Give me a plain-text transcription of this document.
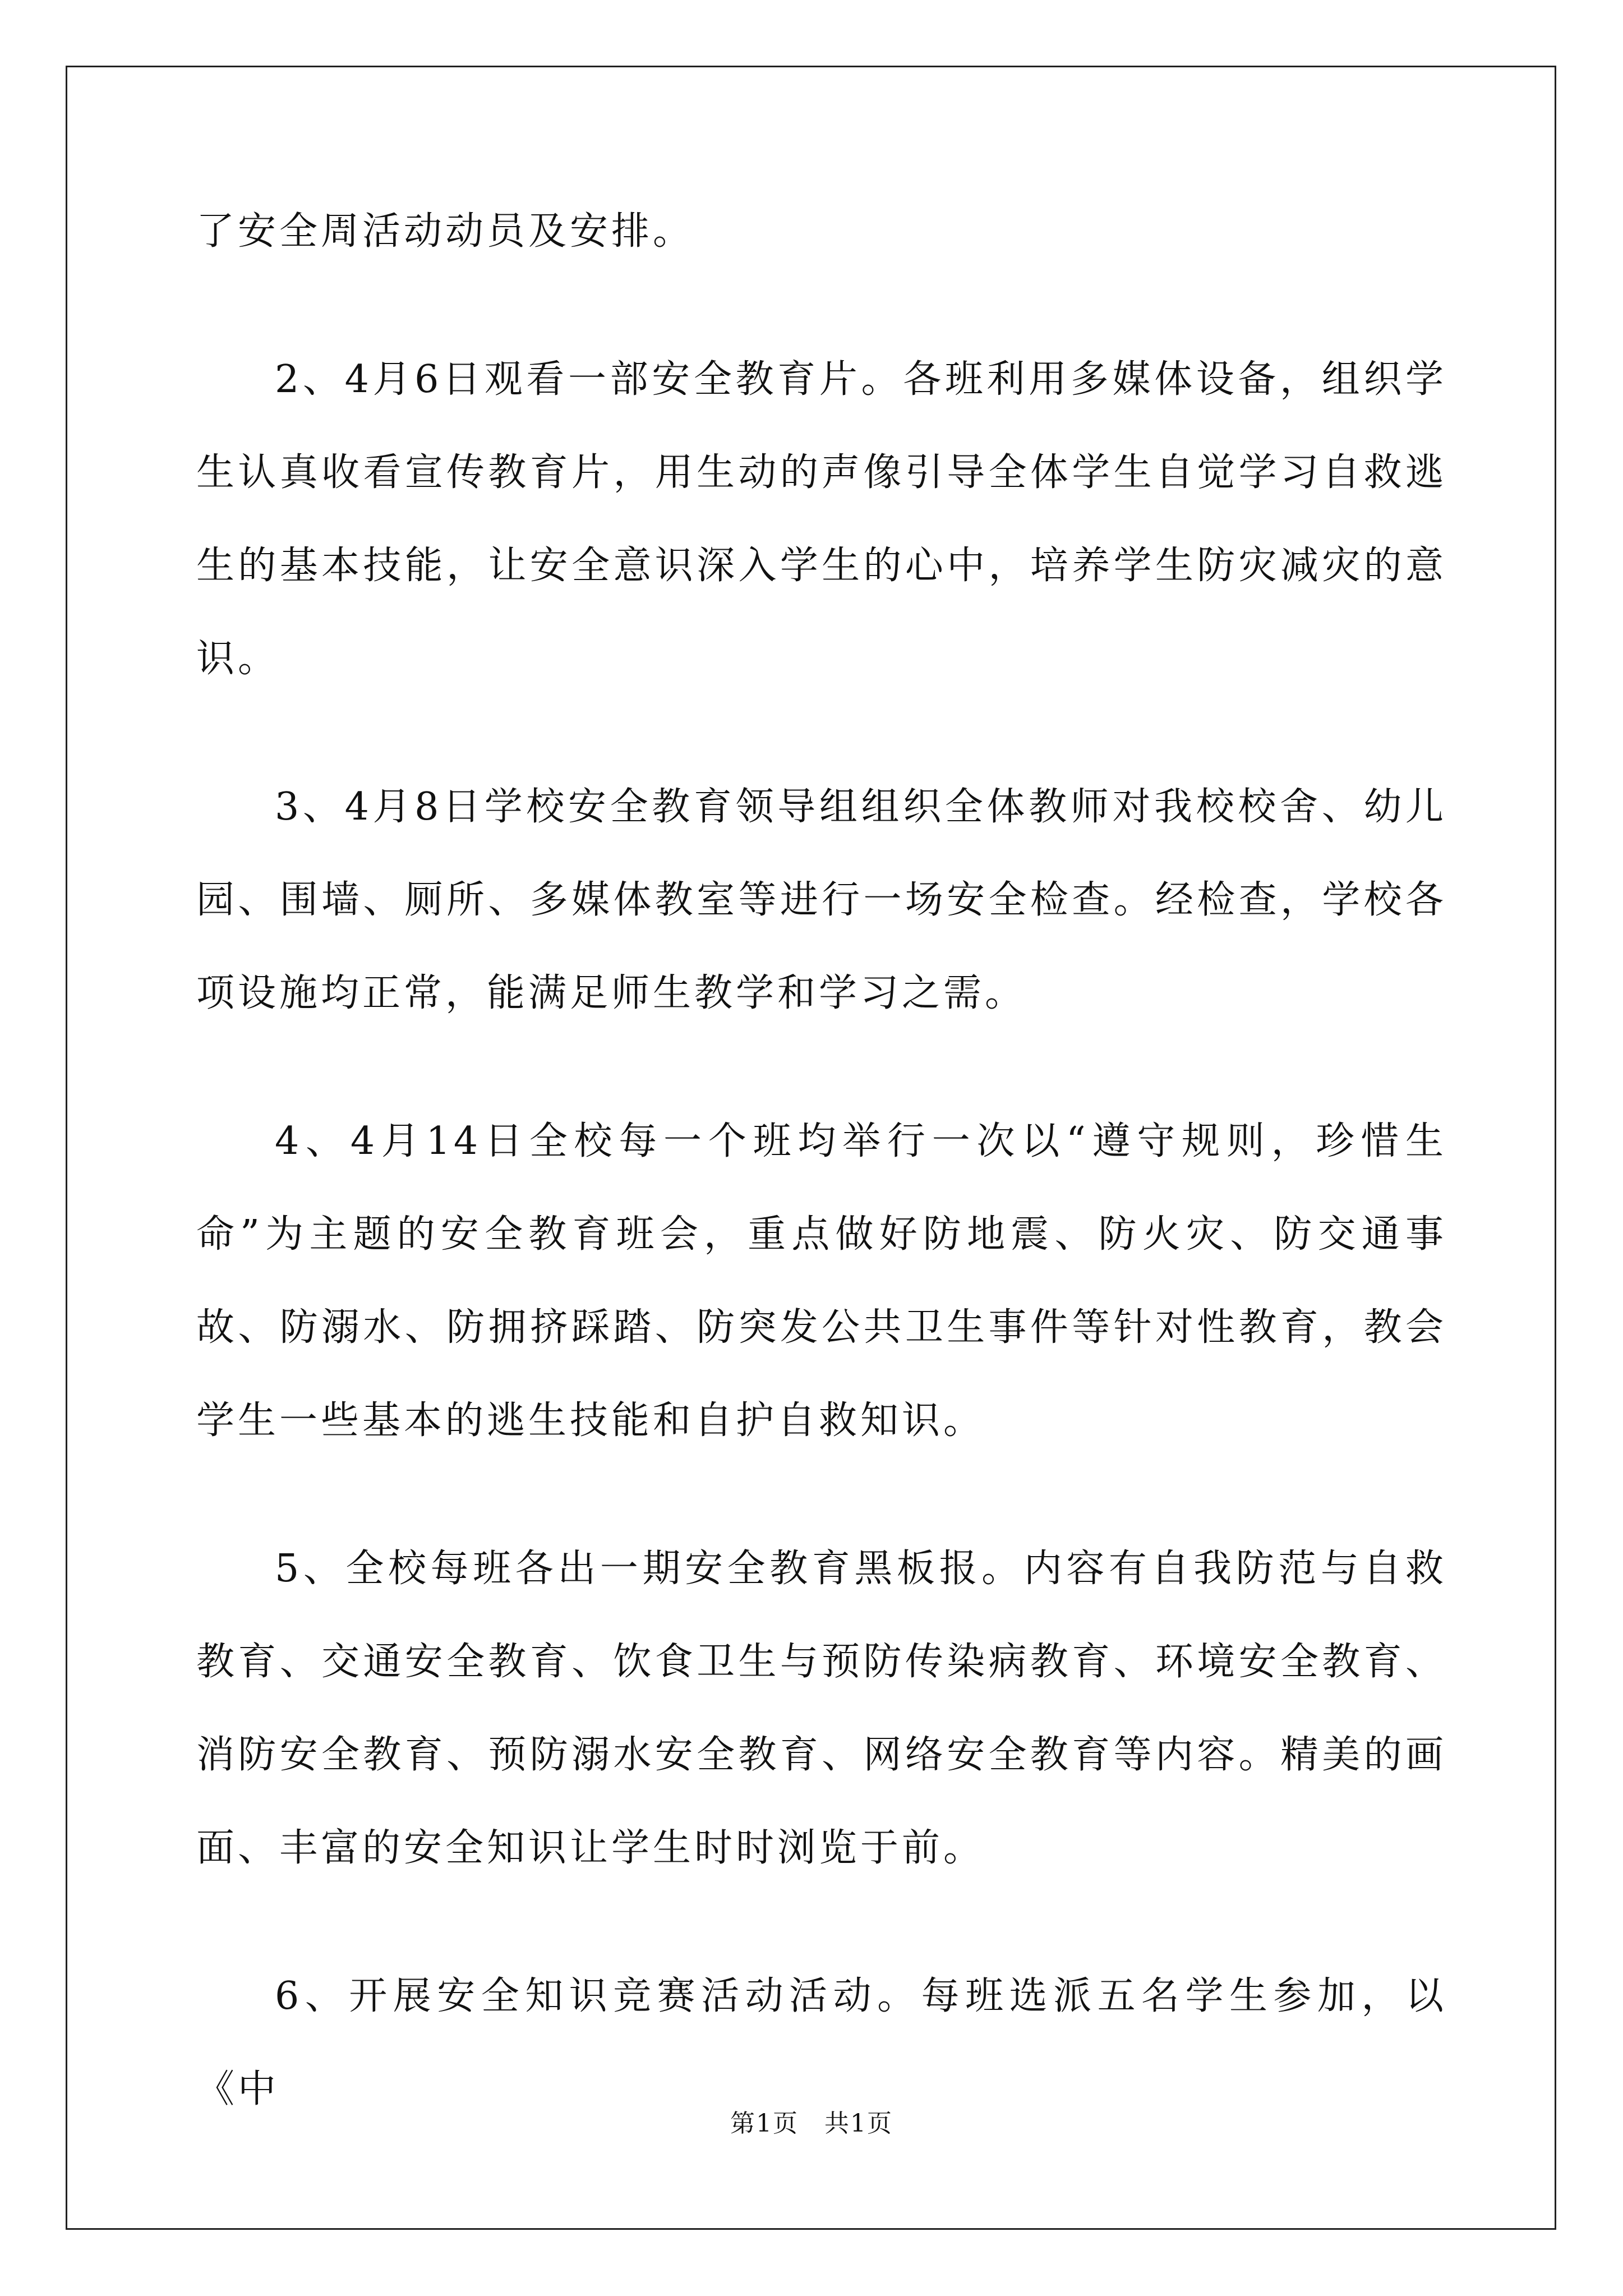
了安全周活动动员及安排。

2、4月6日观看一部安全教育片。各班利用多媒体设备，组织学生认真收看宣传教育片，用生动的声像引导全体学生自觉学习自救逃生的基本技能，让安全意识深入学生的心中，培养学生防灾减灾的意识。

3、4月8日学校安全教育领导组组织全体教师对我校校舍、幼儿园、围墙、厕所、多媒体教室等进行一场安全检查。经检查，学校各项设施均正常，能满足师生教学和学习之需。

4、4月14日全校每一个班均举行一次以“遵守规则，珍惜生命”为主题的安全教育班会，重点做好防地震、防火灾、防交通事故、防溺水、防拥挤踩踏、防突发公共卫生事件等针对性教育，教会学生一些基本的逃生技能和自护自救知识。

5、全校每班各出一期安全教育黑板报。内容有自我防范与自救教育、交通安全教育、饮食卫生与预防传染病教育、环境安全教育、消防安全教育、预防溺水安全教育、网络安全教育等内容。精美的画面、丰富的安全知识让学生时时浏览于前。

6、开展安全知识竞赛活动活动。每班选派五名学生参加，以《中

第1页　共1页
